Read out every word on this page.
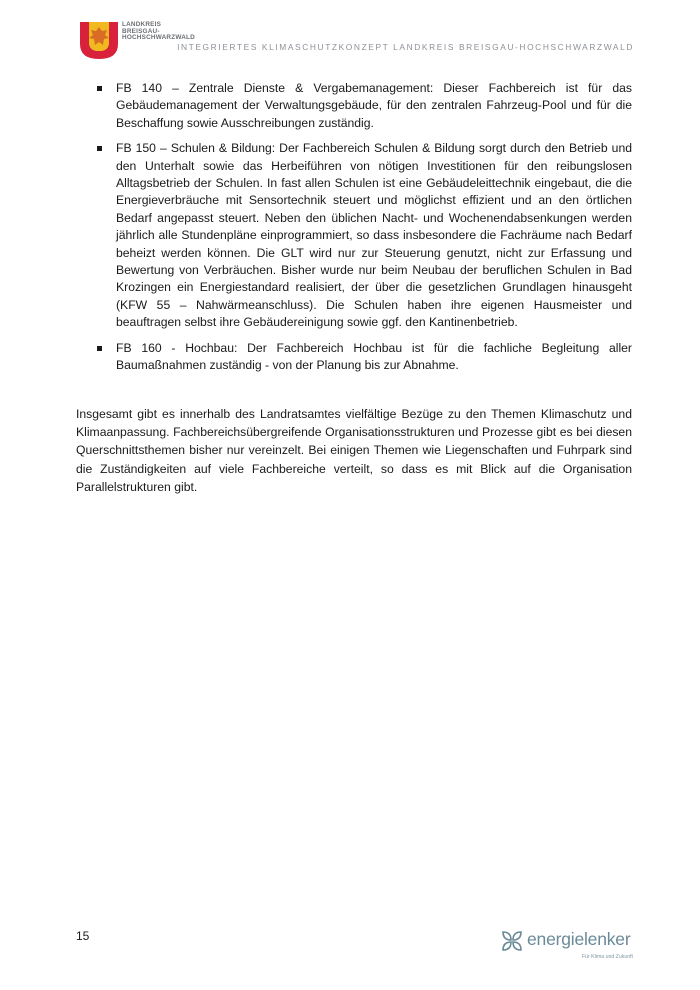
LANDKREIS
BREISGAU-
HOCHSCHWARZWALD
INTEGRIERTES KLIMASCHUTZKONZEPT LANDKREIS BREISGAU-HOCHSCHWARZWALD
FB 140 – Zentrale Dienste & Vergabemanagement: Dieser Fachbereich ist für das Gebäudemanagement der Verwaltungsgebäude, für den zentralen Fahrzeug-Pool und für die Beschaffung sowie Ausschreibungen zuständig.
FB 150 – Schulen & Bildung: Der Fachbereich Schulen & Bildung sorgt durch den Betrieb und den Unterhalt sowie das Herbeiführen von nötigen Investitionen für den reibungslosen Alltagsbetrieb der Schulen. In fast allen Schulen ist eine Gebäudeleittechnik eingebaut, die die Energieverbräuche mit Sensortechnik steuert und möglichst effizient und an den örtlichen Bedarf angepasst steuert. Neben den üblichen Nacht- und Wochenendabsenkungen werden jährlich alle Stundenpläne einprogrammiert, so dass insbesondere die Fachräume nach Bedarf beheizt werden können. Die GLT wird nur zur Steuerung genutzt, nicht zur Erfassung und Bewertung von Verbräuchen. Bisher wurde nur beim Neubau der beruflichen Schulen in Bad Krozingen ein Energiestandard realisiert, der über die gesetzlichen Grundlagen hinausgeht (KFW 55 – Nahwärmeanschluss). Die Schulen haben ihre eigenen Hausmeister und beauftragen selbst ihre Gebäudereinigung sowie ggf. den Kantinenbetrieb.
FB 160 - Hochbau: Der Fachbereich Hochbau ist für die fachliche Begleitung aller Baumaßnahmen zuständig - von der Planung bis zur Abnahme.

Insgesamt gibt es innerhalb des Landratsamtes vielfältige Bezüge zu den Themen Klimaschutz und Klimaanpassung. Fachbereichsübergreifende Organisationsstrukturen und Prozesse gibt es bei diesen Querschnittsthemen bisher nur vereinzelt. Bei einigen Themen wie Liegenschaften und Fuhrpark sind die Zuständigkeiten auf viele Fachbereiche verteilt, so dass es mit Blick auf die Organisation Parallelstrukturen gibt.

15	energielenker
Für Klima und Zukunft
